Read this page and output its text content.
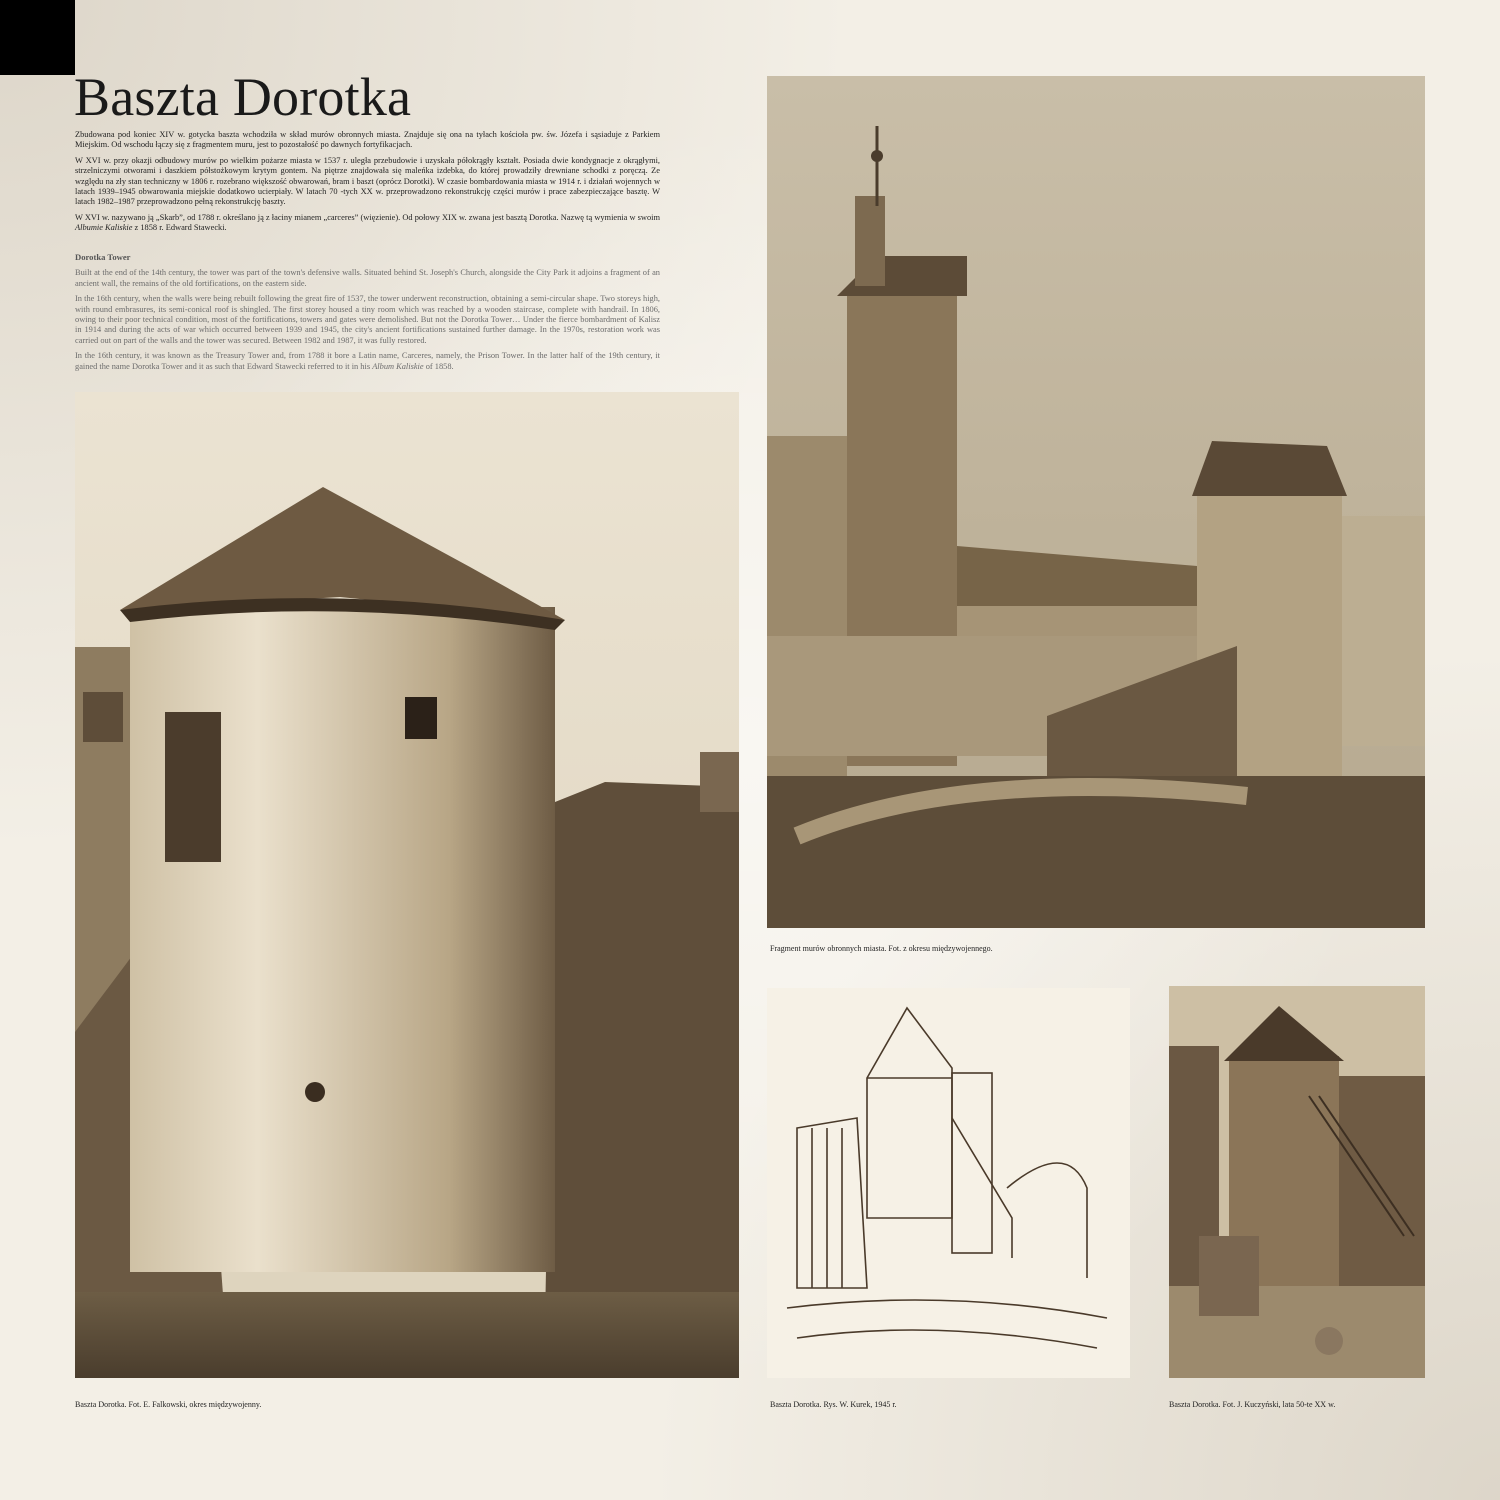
Baszta Dorotka

Zbudowana pod koniec XIV w. gotycka baszta wchodziła w skład murów obronnych miasta. Znajduje się ona na tyłach kościoła pw. św. Józefa i sąsiaduje z Parkiem Miejskim. Od wschodu łączy się z fragmentem muru, jest to pozostałość po dawnych fortyfikacjach.

W XVI w. przy okazji odbudowy murów po wielkim pożarze miasta w 1537 r. uległa przebudowie i uzyskała półokrągły kształt. Posiada dwie kondygnacje z okrągłymi, strzelniczymi otworami i daszkiem półstożkowym krytym gontem. Na piętrze znajdowała się maleńka izdebka, do której prowadziły drewniane schodki z poręczą. Ze względu na zły stan techniczny w 1806 r. rozebrano większość obwarowań, bram i baszt (oprócz Dorotki). W czasie bombardowania miasta w 1914 r. i działań wojennych w latach 1939–1945 obwarowania miejskie dodatkowo ucierpiały. W latach 70 -tych XX w. przeprowadzono rekonstrukcję części murów i prace zabezpieczające basztę. W latach 1982–1987 przeprowadzono pełną rekonstrukcję baszty.

W XVI w. nazywano ją „Skarb”, od 1788 r. określano ją z łaciny mianem „carceres” (więzienie). Od połowy XIX w. zwana jest basztą Dorotka. Nazwę tą wymienia w swoim Albumie Kaliskie z 1858 r. Edward Stawecki.

Dorotka Tower

Built at the end of the 14th century, the tower was part of the town's defensive walls. Situated behind St. Joseph's Church, alongside the City Park it adjoins a fragment of an ancient wall, the remains of the old fortifications, on the eastern side.

In the 16th century, when the walls were being rebuilt following the great fire of 1537, the tower underwent reconstruction, obtaining a semi-circular shape. Two storeys high, with round embrasures, its semi-conical roof is shingled. The first storey housed a tiny room which was reached by a wooden staircase, complete with handrail. In 1806, owing to their poor technical condition, most of the fortifications, towers and gates were demolished. But not the Dorotka Tower… Under the fierce bombardment of Kalisz in 1914 and during the acts of war which occurred between 1939 and 1945, the city's ancient fortifications sustained further damage. In the 1970s, restoration work was carried out on part of the walls and the tower was secured. Between 1982 and 1987, it was fully restored.

In the 16th century, it was known as the Treasury Tower and, from 1788 it bore a Latin name, Carceres, namely, the Prison Tower. In the latter half of the 19th century, it gained the name Dorotka Tower and it as such that Edward Stawecki referred to it in his Album Kaliskie of 1858.

Fragment murów obronnych miasta. Fot. z okresu międzywojennego.
Baszta Dorotka. Rys. W. Kurek, 1945 r.	Baszta Dorotka. Fot. J. Kuczyński, lata 50-te XX w.
Baszta Dorotka. Fot. E. Falkowski, okres międzywojenny.
